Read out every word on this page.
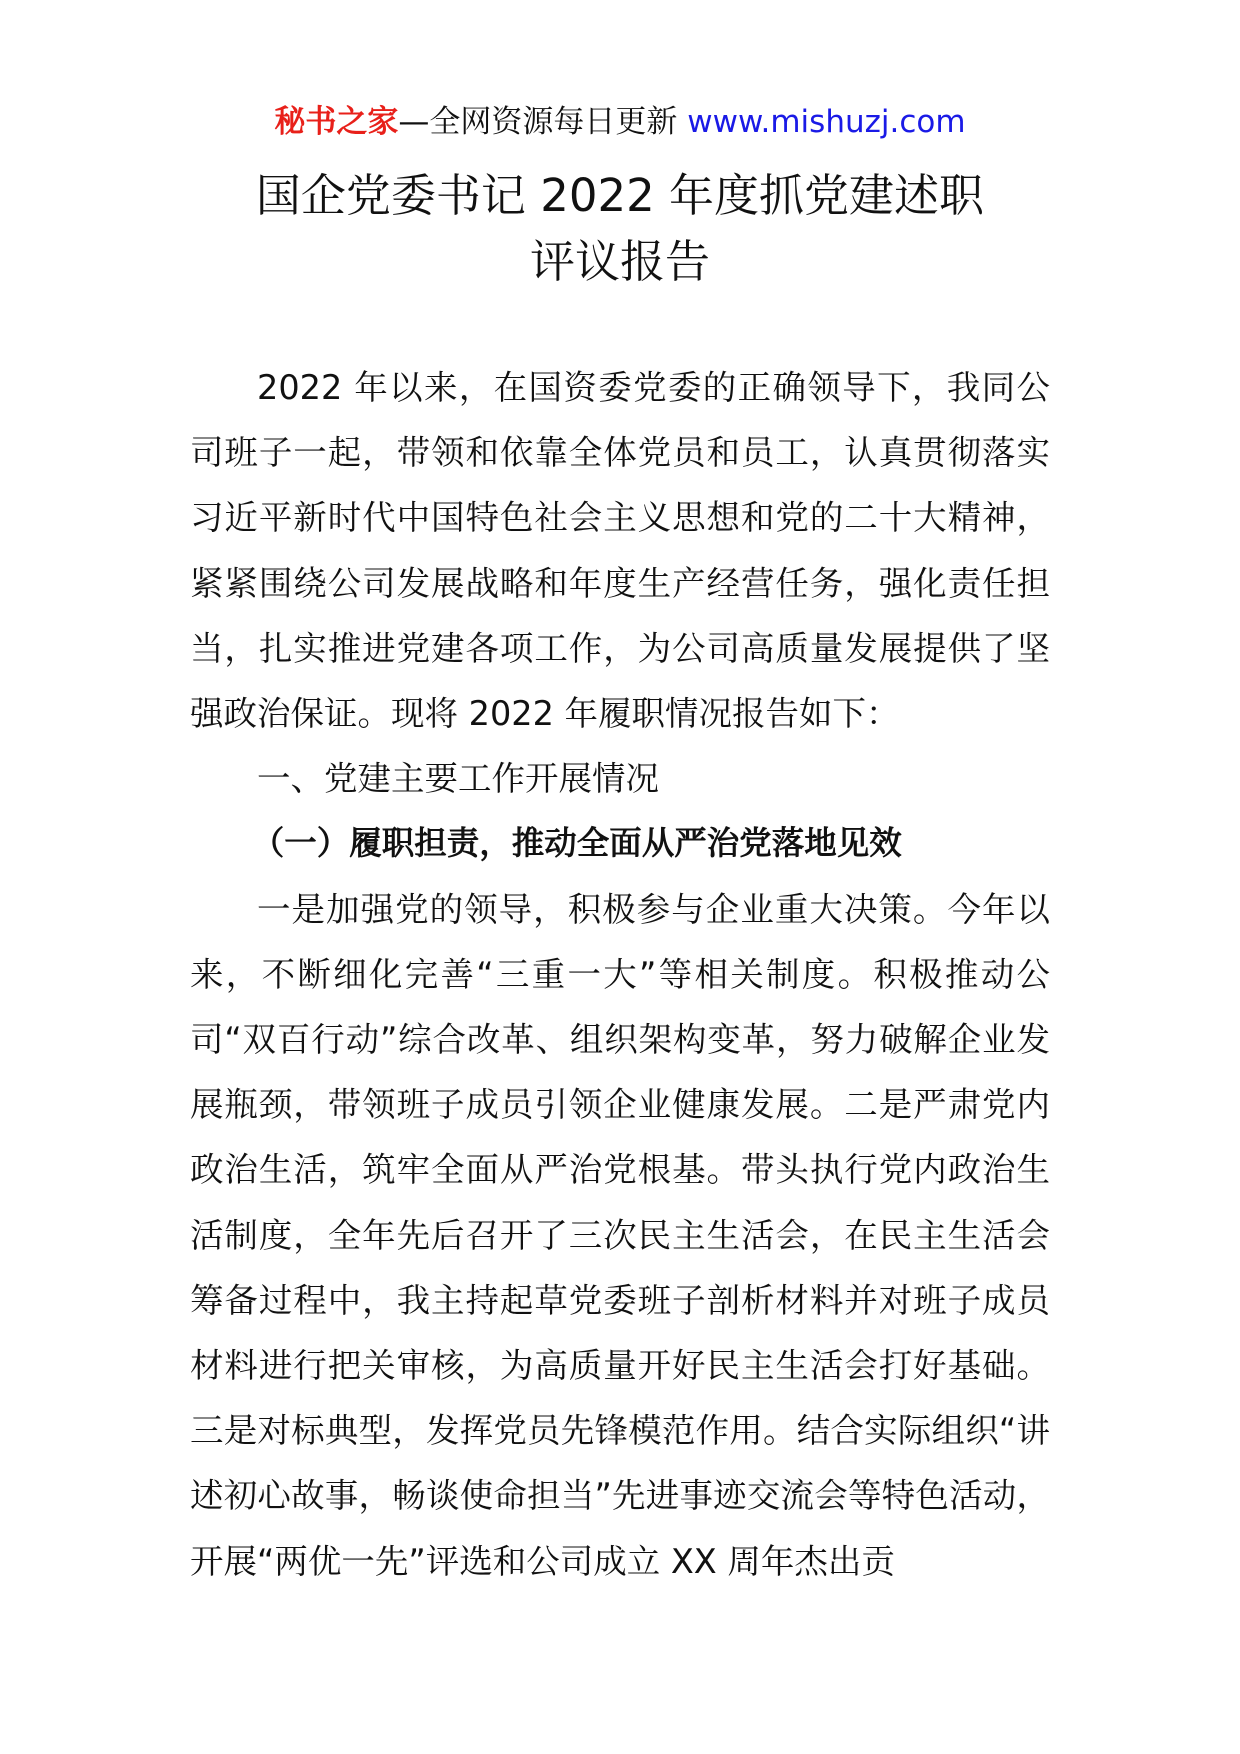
秘书之家—全网资源每日更新 www.mishuzj.com
国企党委书记 2022 年度抓党建述职
评议报告

2022 年以来，在国资委党委的正确领导下，我同公司班子一起，带领和依靠全体党员和员工，认真贯彻落实习近平新时代中国特色社会主义思想和党的二十大精神，紧紧围绕公司发展战略和年度生产经营任务，强化责任担当，扎实推进党建各项工作，为公司高质量发展提供了坚强政治保证。现将 2022 年履职情况报告如下：

一、党建主要工作开展情况

（一）履职担责，推动全面从严治党落地见效

一是加强党的领导，积极参与企业重大决策。今年以来，不断细化完善“三重一大”等相关制度。积极推动公司“双百行动”综合改革、组织架构变革，努力破解企业发展瓶颈，带领班子成员引领企业健康发展。二是严肃党内政治生活，筑牢全面从严治党根基。带头执行党内政治生活制度，全年先后召开了三次民主生活会，在民主生活会筹备过程中，我主持起草党委班子剖析材料并对班子成员材料进行把关审核，为高质量开好民主生活会打好基础。三是对标典型，发挥党员先锋模范作用。结合实际组织“讲述初心故事，畅谈使命担当”先进事迹交流会等特色活动，开展“两优一先”评选和公司成立 XX 周年杰出贡
